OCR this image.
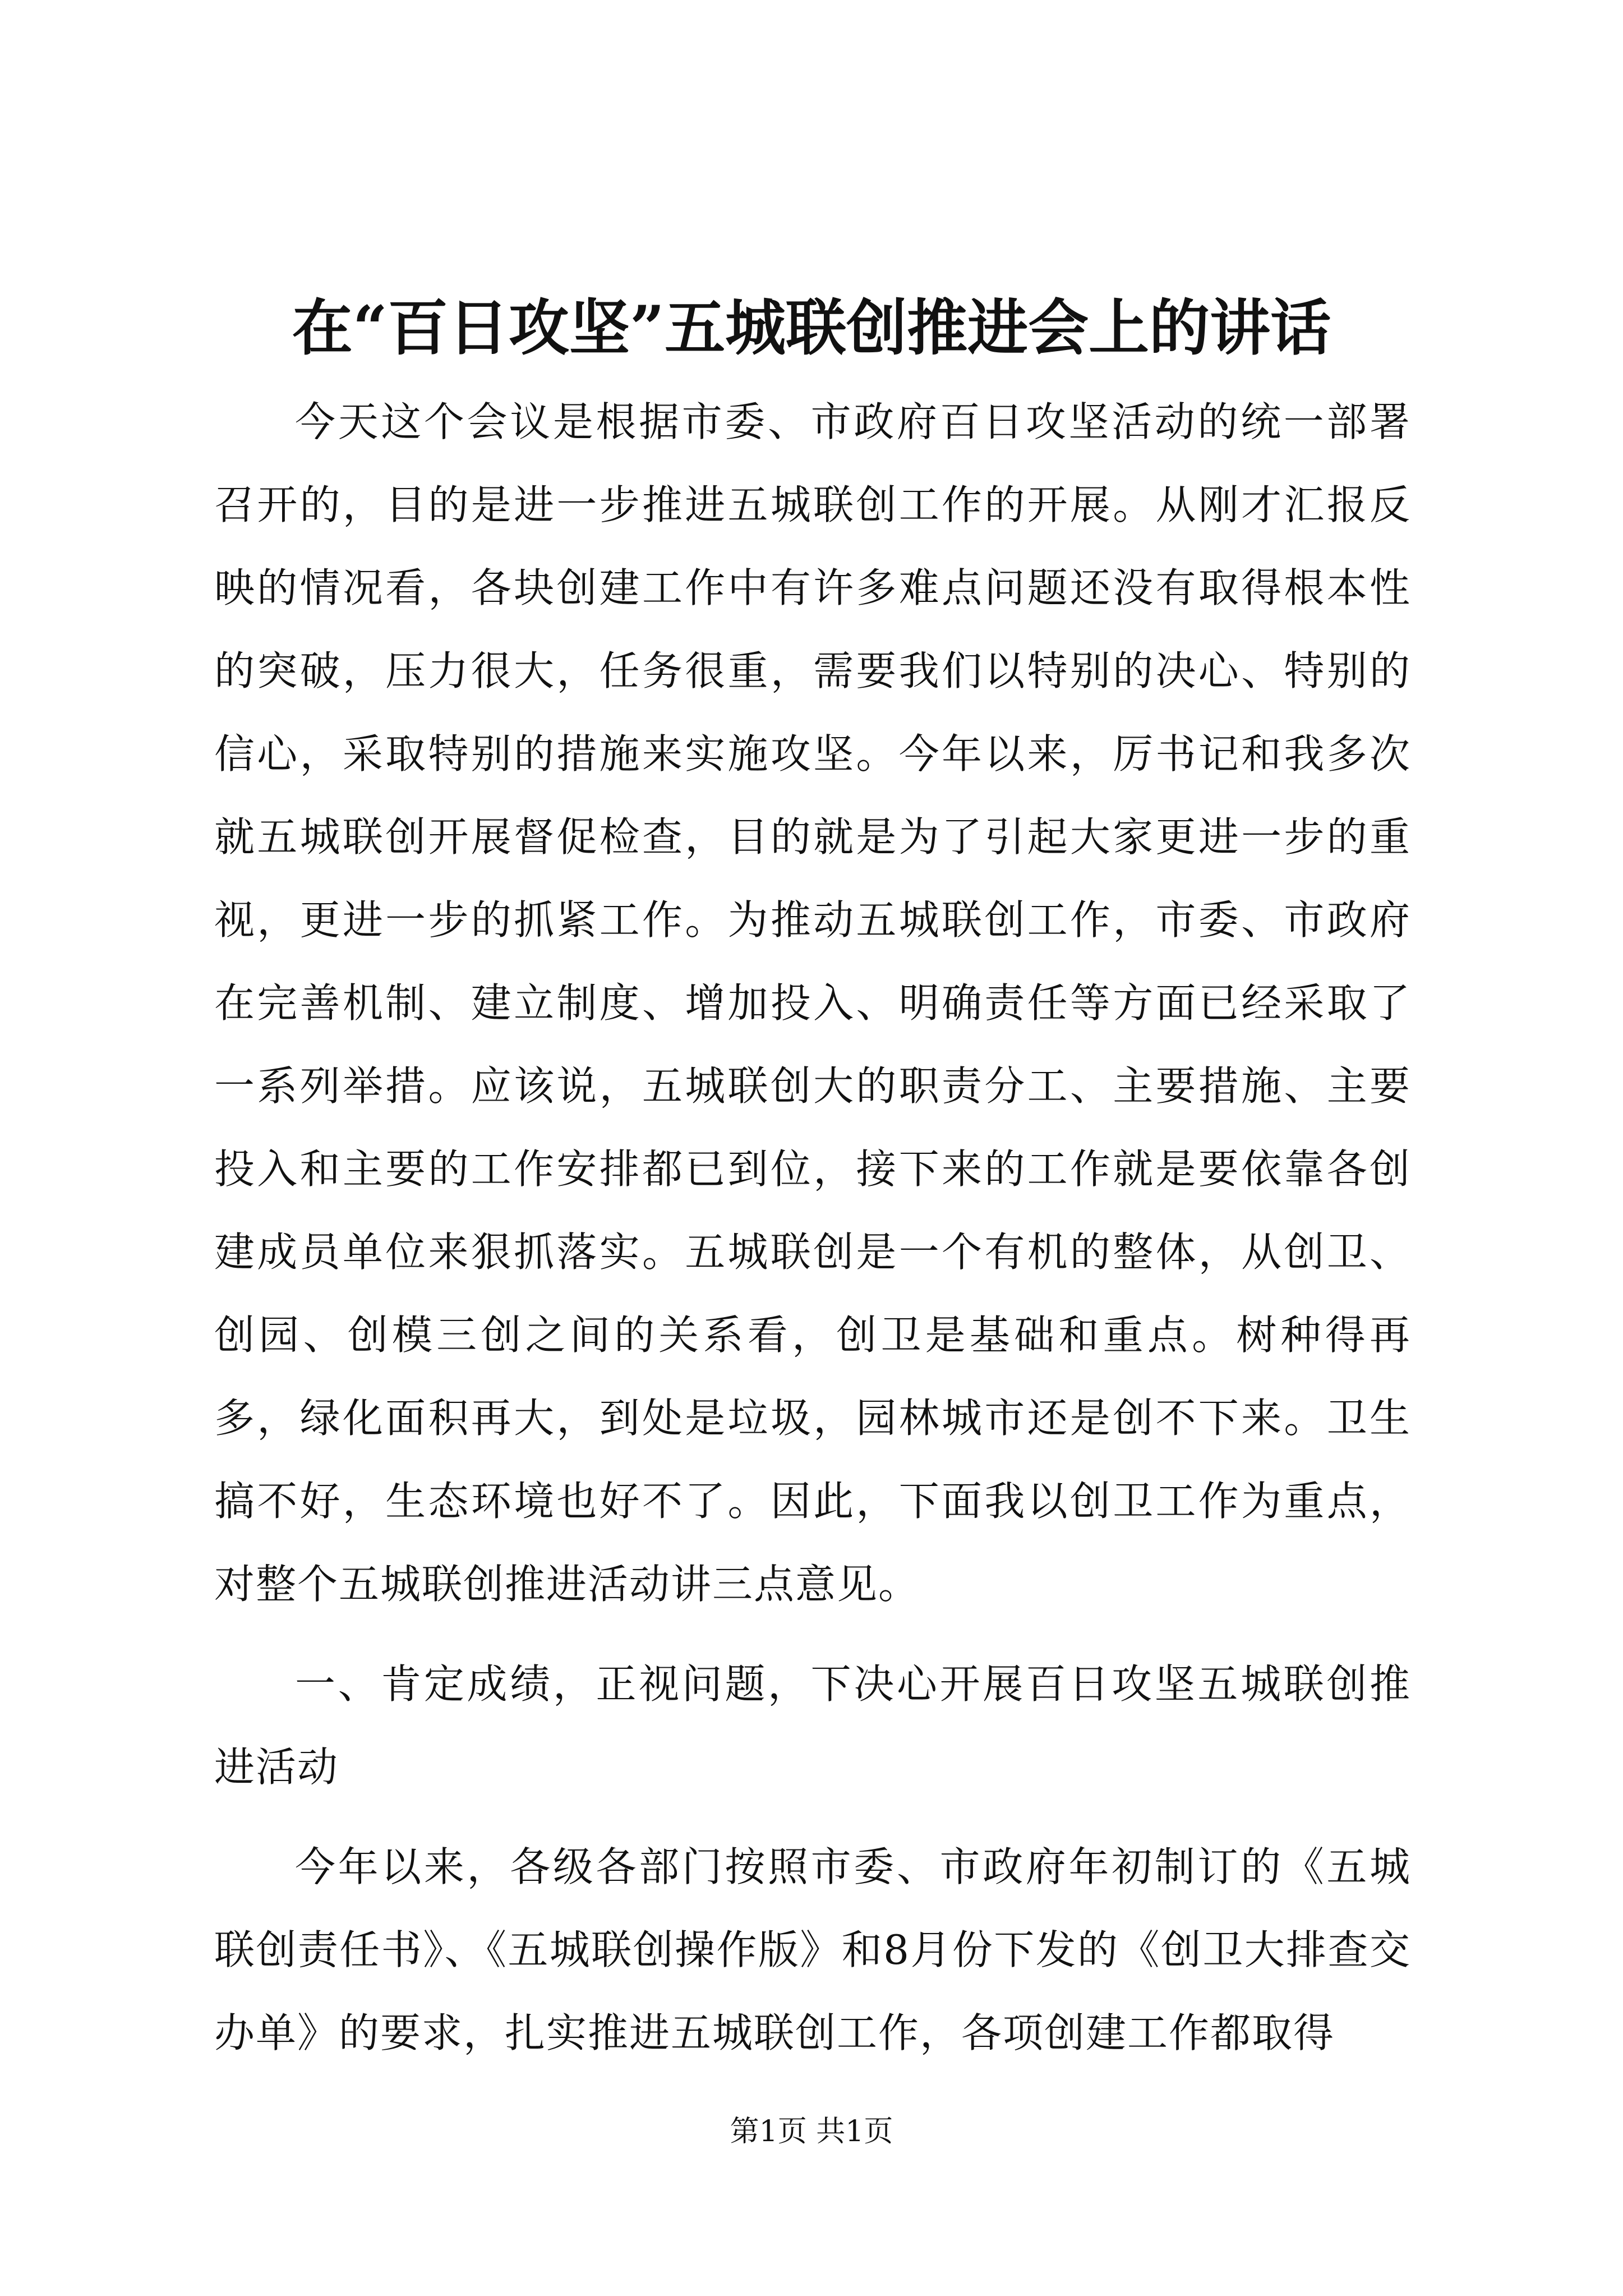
在“百日攻坚”五城联创推进会上的讲话

今天这个会议是根据市委、市政府百日攻坚活动的统一部署召开的，目的是进一步推进五城联创工作的开展。从刚才汇报反映的情况看，各块创建工作中有许多难点问题还没有取得根本性的突破，压力很大，任务很重，需要我们以特别的决心、特别的信心，采取特别的措施来实施攻坚。今年以来，厉书记和我多次就五城联创开展督促检查，目的就是为了引起大家更进一步的重视，更进一步的抓紧工作。为推动五城联创工作，市委、市政府在完善机制、建立制度、增加投入、明确责任等方面已经采取了一系列举措。应该说，五城联创大的职责分工、主要措施、主要投入和主要的工作安排都已到位，接下来的工作就是要依靠各创建成员单位来狠抓落实。五城联创是一个有机的整体，从创卫、创园、创模三创之间的关系看，创卫是基础和重点。树种得再多，绿化面积再大，到处是垃圾，园林城市还是创不下来。卫生搞不好，生态环境也好不了。因此，下面我以创卫工作为重点，对整个五城联创推进活动讲三点意见。

一、肯定成绩，正视问题，下决心开展百日攻坚五城联创推进活动

今年以来，各级各部门按照市委、市政府年初制订的《五城联创责任书》、《五城联创操作版》和8月份下发的《创卫大排查交办单》的要求，扎实推进五城联创工作，各项创建工作都取得

第1页 共1页
